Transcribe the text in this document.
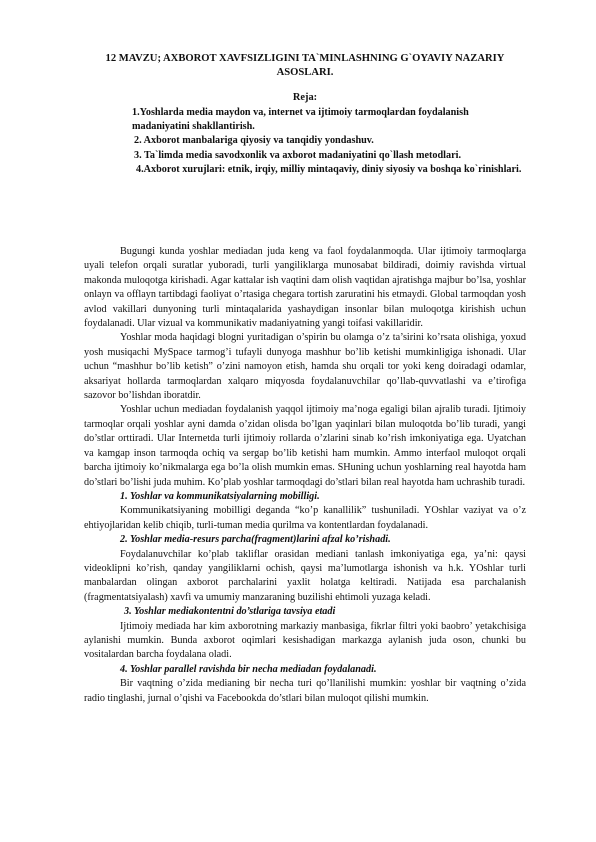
12 MAVZU; AXBOROT XAVFSIZLIGINI TA`MINLASHNING G`OYAVIY NAZARIY ASOSLARI.
Reja:

1.Yoshlarda media maydon va, internet va ijtimoiy tarmoqlardan foydalanish madaniyatini shakllantirish.

2. Axborot manbalariga qiyosiy va tanqidiy yondashuv.

3. Ta`limda media savodxonlik va axborot madaniyatini qo`llash metodlari.

4.Axborot xurujlari: etnik, irqiy, milliy mintaqaviy, diniy siyosiy va boshqa ko`rinishlari.

Bugungi kunda yoshlar mediadan juda keng va faol foydalanmoqda. Ular ijtimoiy tarmoqlarga uyali telefon orqali suratlar yuboradi, turli yangiliklarga munosabat bildiradi, doimiy ravishda virtual makonda muloqotga kirishadi. Agar kattalar ish vaqtini dam olish vaqtidan ajratishga majbur bo’lsa, yoshlar onlayn va offlayn tartibdagi faoliyat o’rtasiga chegara tortish zaruratini his etmaydi. Global tarmoqdan yosh avlod vakillari dunyoning turli mintaqalarida yashaydigan insonlar bilan muloqotga kirishish uchun foydalanadi. Ular vizual va kommunikativ madaniyatning yangi toifasi vakillaridir.

Yoshlar moda haqidagi blogni yuritadigan o’spirin bu olamga o’z ta’sirini ko’rsata olishiga, yoxud yosh musiqachi MySpace tarmog’i tufayli dunyoga mashhur bo’lib ketishi mumkinligiga ishonadi. Ular uchun “mashhur bo’lib ketish” o’zini namoyon etish, hamda shu orqali tor yoki keng doiradagi odamlar, aksariyat hollarda tarmoqlardan xalqaro miqyosda foydalanuvchilar qo’llab-quvvatlashi va e’tirofiga sazovor bo’lishdan iboratdir.

Yoshlar uchun mediadan foydalanish yaqqol ijtimoiy ma’noga egaligi bilan ajralib turadi. Ijtimoiy tarmoqlar orqali yoshlar ayni damda o’zidan olisda bo’lgan yaqinlari bilan muloqotda bo’lib turadi, yangi do’stlar orttiradi. Ular Internetda turli ijtimoiy rollarda o’zlarini sinab ko’rish imkoniyatiga ega. Uyatchan va kamgap inson tarmoqda ochiq va sergap bo’lib ketishi ham mumkin. Ammo interfaol muloqot orqali barcha ijtimoiy ko’nikmalarga ega bo’la olish mumkin emas. SHuning uchun yoshlarning real hayotda ham do’stlari bo’lishi juda muhim. Ko’plab yoshlar tarmoqdagi do’stlari bilan real hayotda ham uchrashib turadi.

1. Yoshlar va kommunikatsiyalarning mobilligi.

Kommunikatsiyaning mobilligi deganda “ko’p kanallilik” tushuniladi. YOshlar vaziyat va o’z ehtiyojlaridan kelib chiqib, turli-tuman media qurilma va kontentlardan foydalanadi.

2. Yoshlar media-resurs parcha(fragment)larini afzal ko’rishadi.

Foydalanuvchilar ko’plab takliflar orasidan mediani tanlash imkoniyatiga ega, ya’ni: qaysi videoklipni ko’rish, qanday yangiliklarni ochish, qaysi ma’lumotlarga ishonish va h.k. YOshlar turli manbalardan olingan axborot parchalarini yaxlit holatga keltiradi. Natijada esa parchalanish (fragmentatsiyalash) xavfi va umumiy manzaraning buzilishi ehtimoli yuzaga keladi.

3. Yoshlar mediakontentni do’stlariga tavsiya etadi

Ijtimoiy mediada har kim axborotning markaziy manbasiga, fikrlar filtri yoki baobro’ yetakchisiga aylanishi mumkin. Bunda axborot oqimlari kesishadigan markazga aylanish juda oson, chunki bu vositalardan barcha foydalana oladi.

4. Yoshlar parallel ravishda bir necha mediadan foydalanadi.

Bir vaqtning o’zida medianing bir necha turi qo’llanilishi mumkin: yoshlar bir vaqtning o’zida radio tinglashi, jurnal o’qishi va Facebookda do’stlari bilan muloqot qilishi mumkin.
